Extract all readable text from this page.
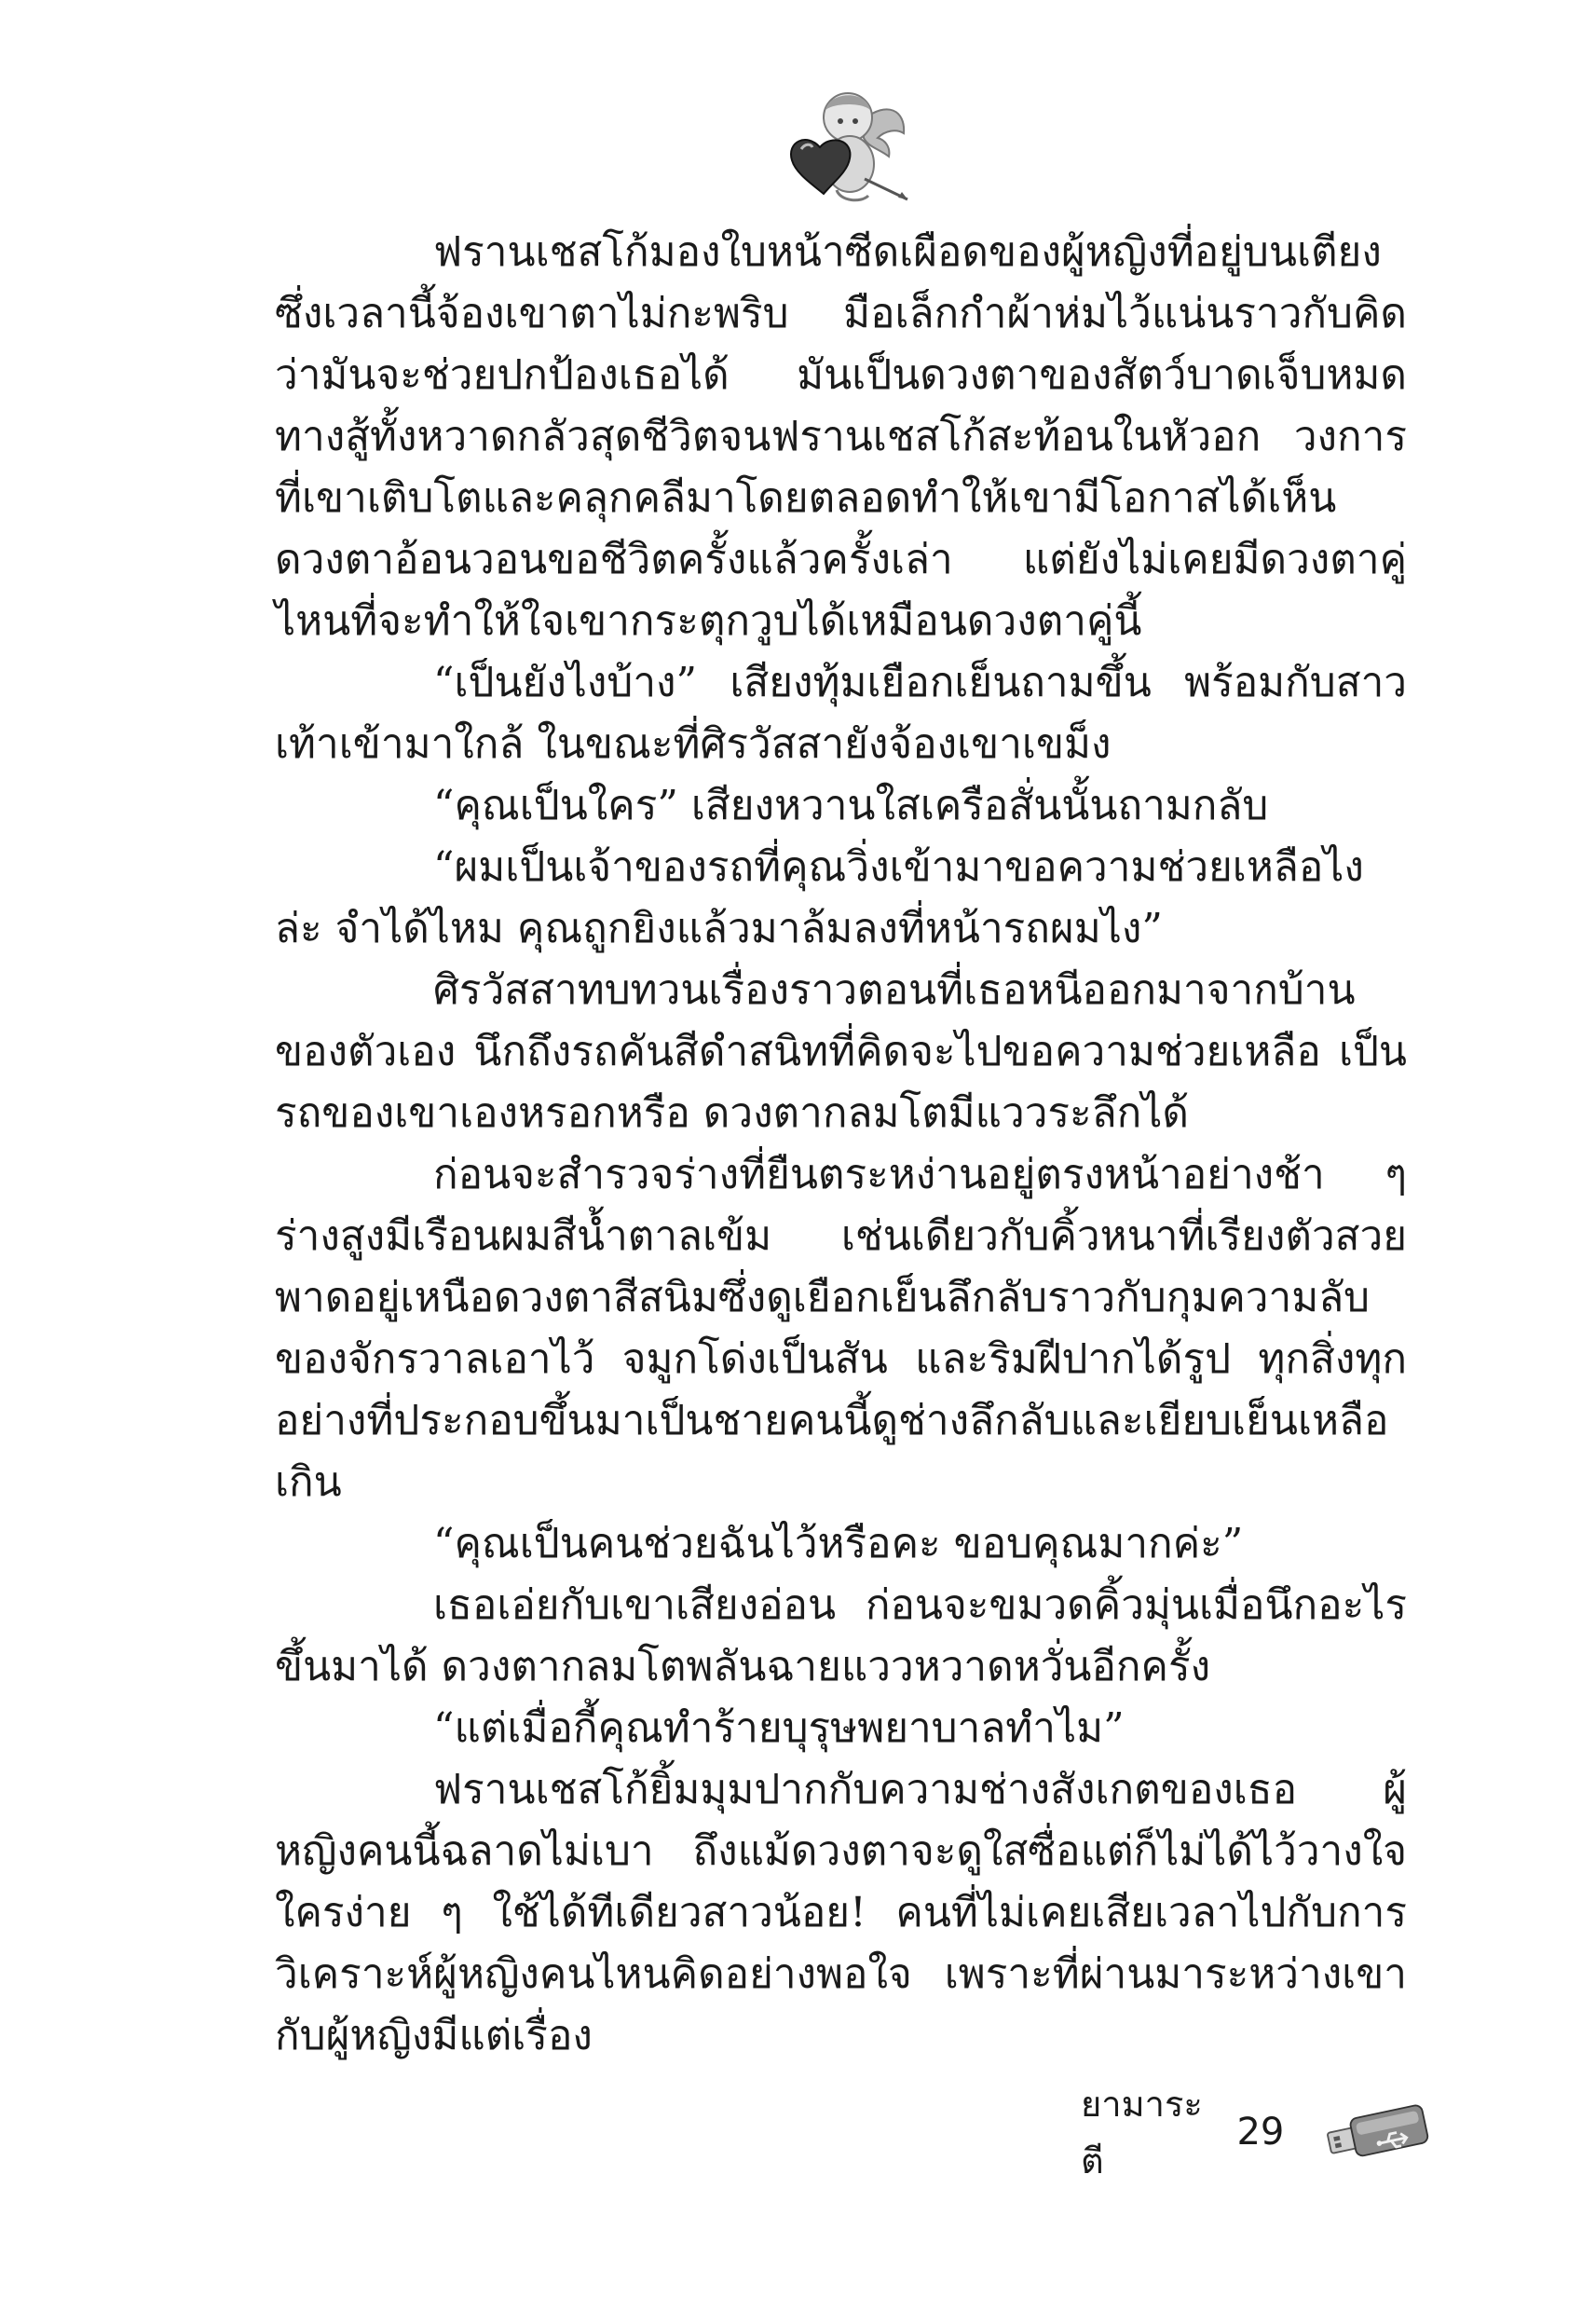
ฟรานเชสโก้มองใบหน้าซีดเผือดของผู้หญิงที่อยู่บนเตียงซึ่งเวลานี้จ้องเขาตาไม่กะพริบ มือเล็กกำผ้าห่มไว้แน่นราวกับคิดว่ามันจะช่วยปกป้องเธอได้ มันเป็นดวงตาของสัตว์บาดเจ็บหมดทางสู้ทั้งหวาดกลัวสุดชีวิตจนฟรานเชสโก้สะท้อนในหัวอก วงการที่เขาเติบโตและคลุกคลีมาโดยตลอดทำให้เขามีโอกาสได้เห็นดวงตาอ้อนวอนขอชีวิตครั้งแล้วครั้งเล่า แต่ยังไม่เคยมีดวงตาคู่ไหนที่จะทำให้ใจเขากระตุกวูบได้เหมือนดวงตาคู่นี้

“เป็นยังไงบ้าง” เสียงทุ้มเยือกเย็นถามขึ้น พร้อมกับสาวเท้าเข้ามาใกล้ ในขณะที่ศิรวัสสายังจ้องเขาเขม็ง

“คุณเป็นใคร” เสียงหวานใสเครือสั่นนั้นถามกลับ

“ผมเป็นเจ้าของรถที่คุณวิ่งเข้ามาขอความช่วยเหลือไงล่ะ จำได้ไหม คุณถูกยิงแล้วมาล้มลงที่หน้ารถผมไง”

ศิรวัสสาทบทวนเรื่องราวตอนที่เธอหนีออกมาจากบ้านของตัวเอง นึกถึงรถคันสีดำสนิทที่คิดจะไปขอความช่วยเหลือ เป็นรถของเขาเองหรอกหรือ ดวงตากลมโตมีแววระลึกได้

ก่อนจะสำรวจร่างที่ยืนตระหง่านอยู่ตรงหน้าอย่างช้า ๆ ร่างสูงมีเรือนผมสีน้ำตาลเข้ม เช่นเดียวกับคิ้วหนาที่เรียงตัวสวยพาดอยู่เหนือดวงตาสีสนิมซึ่งดูเยือกเย็นลึกลับราวกับกุมความลับของจักรวาลเอาไว้ จมูกโด่งเป็นสัน และริมฝีปากได้รูป ทุกสิ่งทุกอย่างที่ประกอบขึ้นมาเป็นชายคนนี้ดูช่างลึกลับและเยียบเย็นเหลือเกิน

“คุณเป็นคนช่วยฉันไว้หรือคะ ขอบคุณมากค่ะ”

เธอเอ่ยกับเขาเสียงอ่อน ก่อนจะขมวดคิ้วมุ่นเมื่อนึกอะไรขึ้นมาได้ ดวงตากลมโตพลันฉายแววหวาดหวั่นอีกครั้ง

“แต่เมื่อกี้คุณทำร้ายบุรุษพยาบาลทำไม”

ฟรานเชสโก้ยิ้มมุมปากกับความช่างสังเกตของเธอ ผู้หญิงคนนี้ฉลาดไม่เบา ถึงแม้ดวงตาจะดูใสซื่อแต่ก็ไม่ได้ไว้วางใจใครง่าย ๆ ใช้ได้ทีเดียวสาวน้อย! คนที่ไม่เคยเสียเวลาไปกับการวิเคราะห์ผู้หญิงคนไหนคิดอย่างพอใจ เพราะที่ผ่านมาระหว่างเขากับผู้หญิงมีแต่เรื่อง

ยามาระตี
29
